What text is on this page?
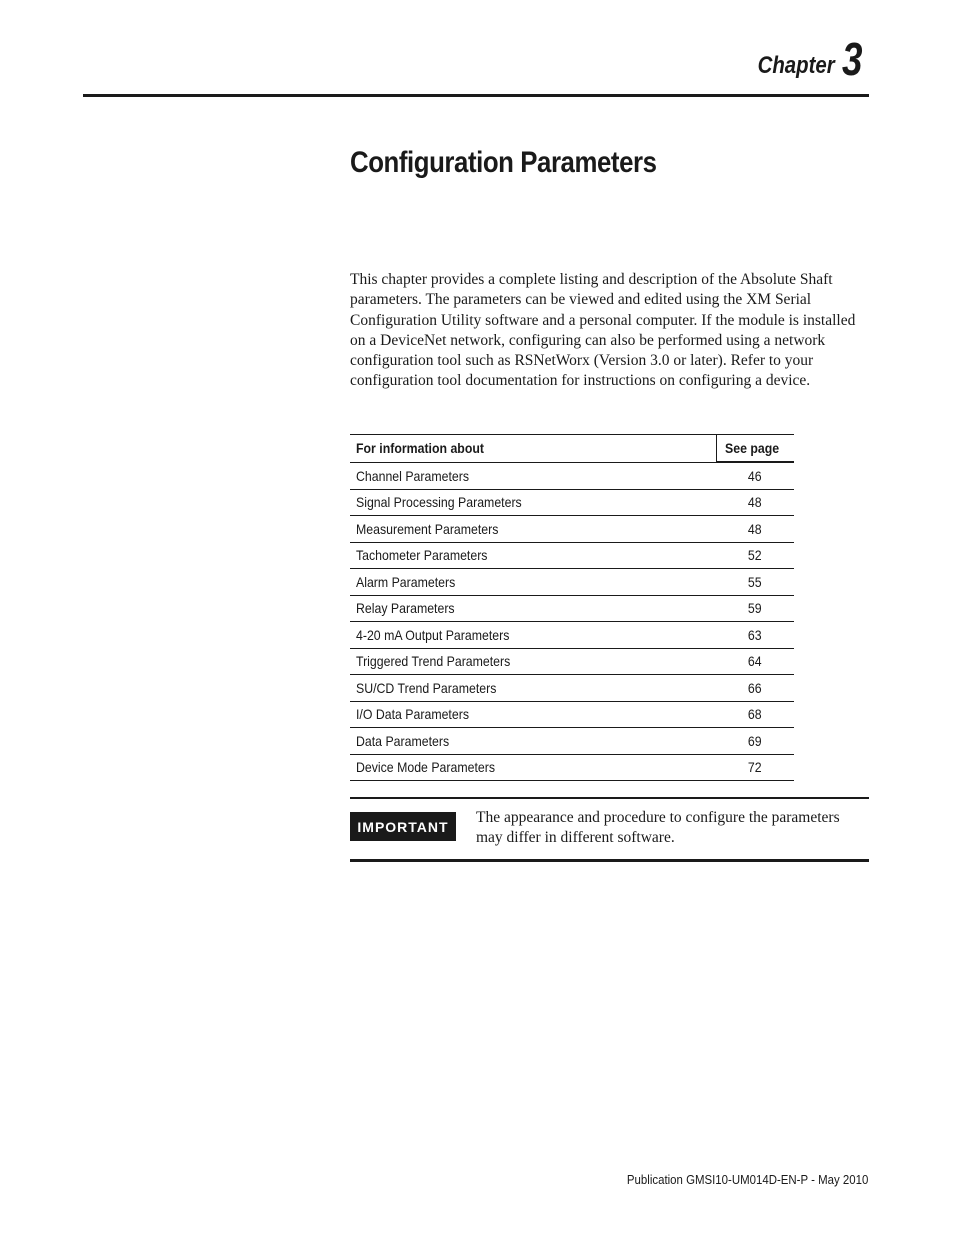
Chapter 3
Configuration Parameters

This chapter provides a complete listing and description of the Absolute Shaft parameters. The parameters can be viewed and edited using the XM Serial Configuration Utility software and a personal computer. If the module is installed on a DeviceNet network, configuring can also be performed using a network configuration tool such as RSNetWorx (Version 3.0 or later). Refer to your configuration tool documentation for instructions on configuring a device.

For information about	See page
Channel Parameters	46
Signal Processing Parameters	48
Measurement Parameters	48
Tachometer Parameters	52
Alarm Parameters	55
Relay Parameters	59
4-20 mA Output Parameters	63
Triggered Trend Parameters	64
SU/CD Trend Parameters	66
I/O Data Parameters	68
Data Parameters	69
Device Mode Parameters	72
IMPORTANT

The appearance and procedure to configure the parameters may differ in different software.

Publication GMSI10-UM014D-EN-P - May 2010
